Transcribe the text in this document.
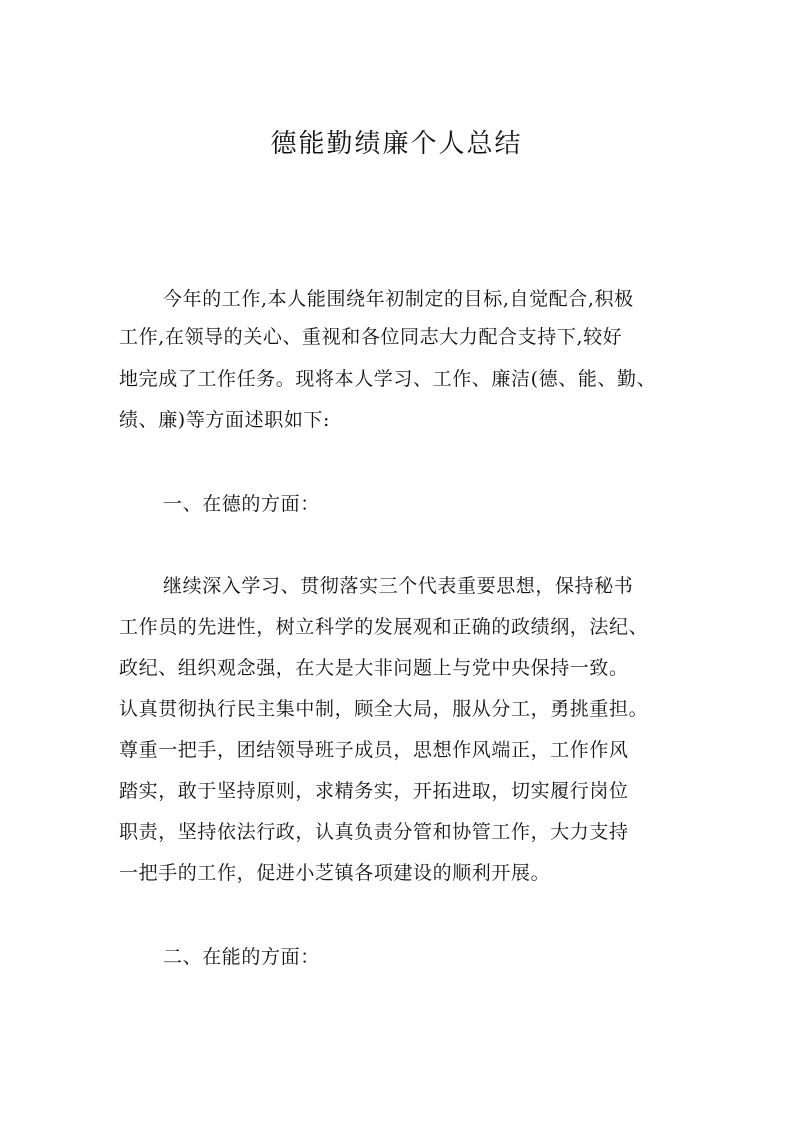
德能勤绩廉个人总结

今年的工作,本人能围绕年初制定的目标,自觉配合,积极

工作,在领导的关心、重视和各位同志大力配合支持下,较好

地完成了工作任务。现将本人学习、工作、廉洁(德、能、勤、

绩、廉)等方面述职如下:

一、在德的方面：

继续深入学习、贯彻落实三个代表重要思想，保持秘书

工作员的先进性，树立科学的发展观和正确的政绩纲，法纪、

政纪、组织观念强，在大是大非问题上与党中央保持一致。

认真贯彻执行民主集中制，顾全大局，服从分工，勇挑重担。

尊重一把手，团结领导班子成员，思想作风端正，工作作风

踏实，敢于坚持原则，求精务实，开拓进取，切实履行岗位

职责，坚持依法行政，认真负责分管和协管工作，大力支持

一把手的工作，促进小芝镇各项建设的顺利开展。

二、在能的方面：
